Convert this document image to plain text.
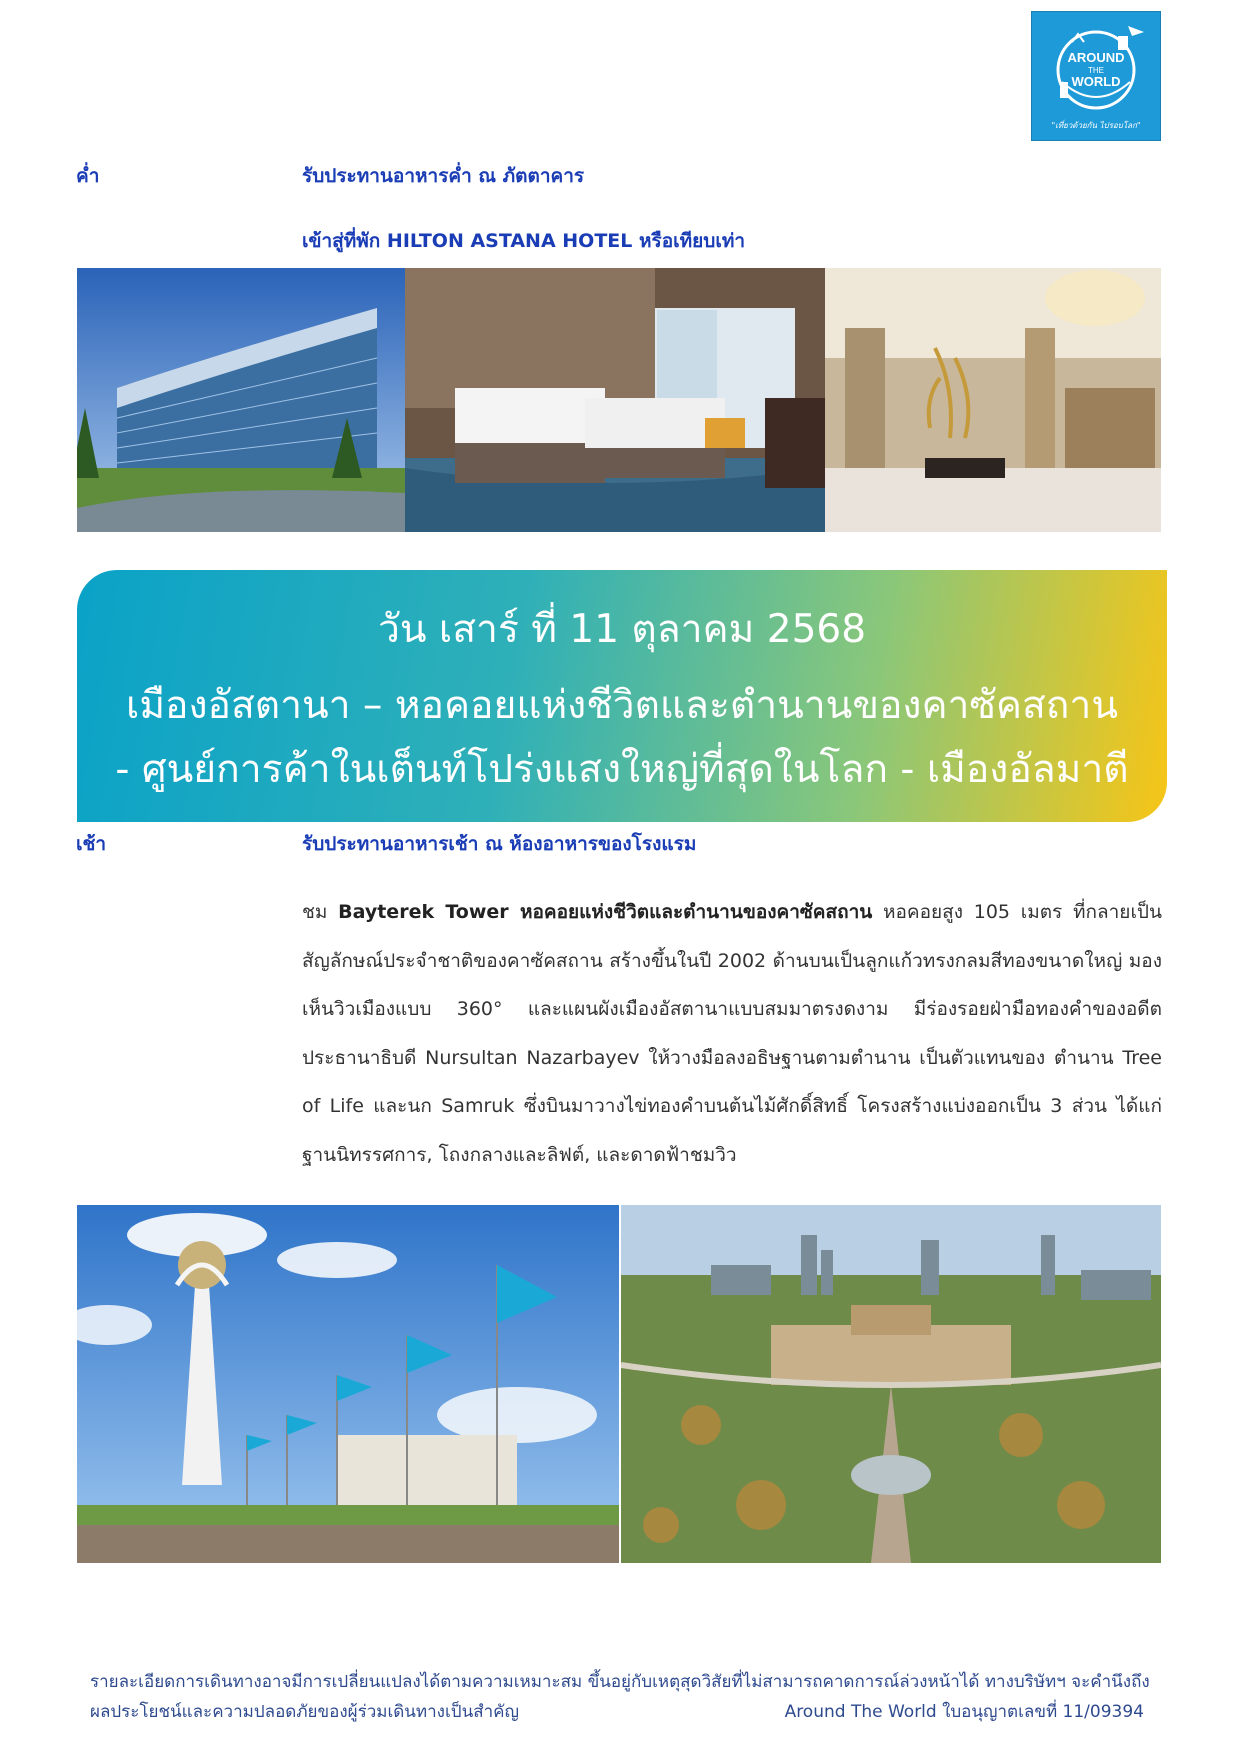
AROUND
THE
WORLD
"เที่ยวด้วยกัน ไปรอบโลก"
ค่ำ	รับประทานอาหารค่ำ ณ ภัตตาคาร
เข้าสู่ที่พัก HILTON ASTANA HOTEL หรือเทียบเท่า
วัน เสาร์ ที่ 11 ตุลาคม 2568
เมืองอัสตานา – หอคอยแห่งชีวิตและตำนานของคาซัคสถาน
- ศูนย์การค้าในเต็นท์โปร่งแสงใหญ่ที่สุดในโลก - เมืองอัลมาตี
เช้า	รับประทานอาหารเช้า ณ ห้องอาหารของโรงแรม
ชม Bayterek Tower หอคอยแห่งชีวิตและตำนานของคาซัคสถาน หอคอยสูง 105 เมตร ที่กลายเป็นสัญลักษณ์ประจำชาติของคาซัคสถาน สร้างขึ้นในปี 2002 ด้านบนเป็นลูกแก้วทรงกลมสีทองขนาดใหญ่ มองเห็นวิวเมืองแบบ 360° และแผนผังเมืองอัสตานาแบบสมมาตรงดงาม มีร่องรอยฝ่ามือทองคำของอดีตประธานาธิบดี Nursultan Nazarbayev ให้วางมือลงอธิษฐานตามตำนาน เป็นตัวแทนของ ตำนาน Tree of Life และนก Samruk ซึ่งบินมาวางไข่ทองคำบนต้นไม้ศักดิ์สิทธิ์ โครงสร้างแบ่งออกเป็น 3 ส่วน ได้แก่ ฐานนิทรรศการ, โถงกลางและลิฟต์, และดาดฟ้าชมวิว
รายละเอียดการเดินทางอาจมีการเปลี่ยนแปลงได้ตามความเหมาะสม ขึ้นอยู่กับเหตุสุดวิสัยที่ไม่สามารถคาดการณ์ล่วงหน้าได้ ทางบริษัทฯ จะคำนึงถึง
ผลประโยชน์และความปลอดภัยของผู้ร่วมเดินทางเป็นสำคัญ	Around The World ใบอนุญาตเลขที่ 11/09394
